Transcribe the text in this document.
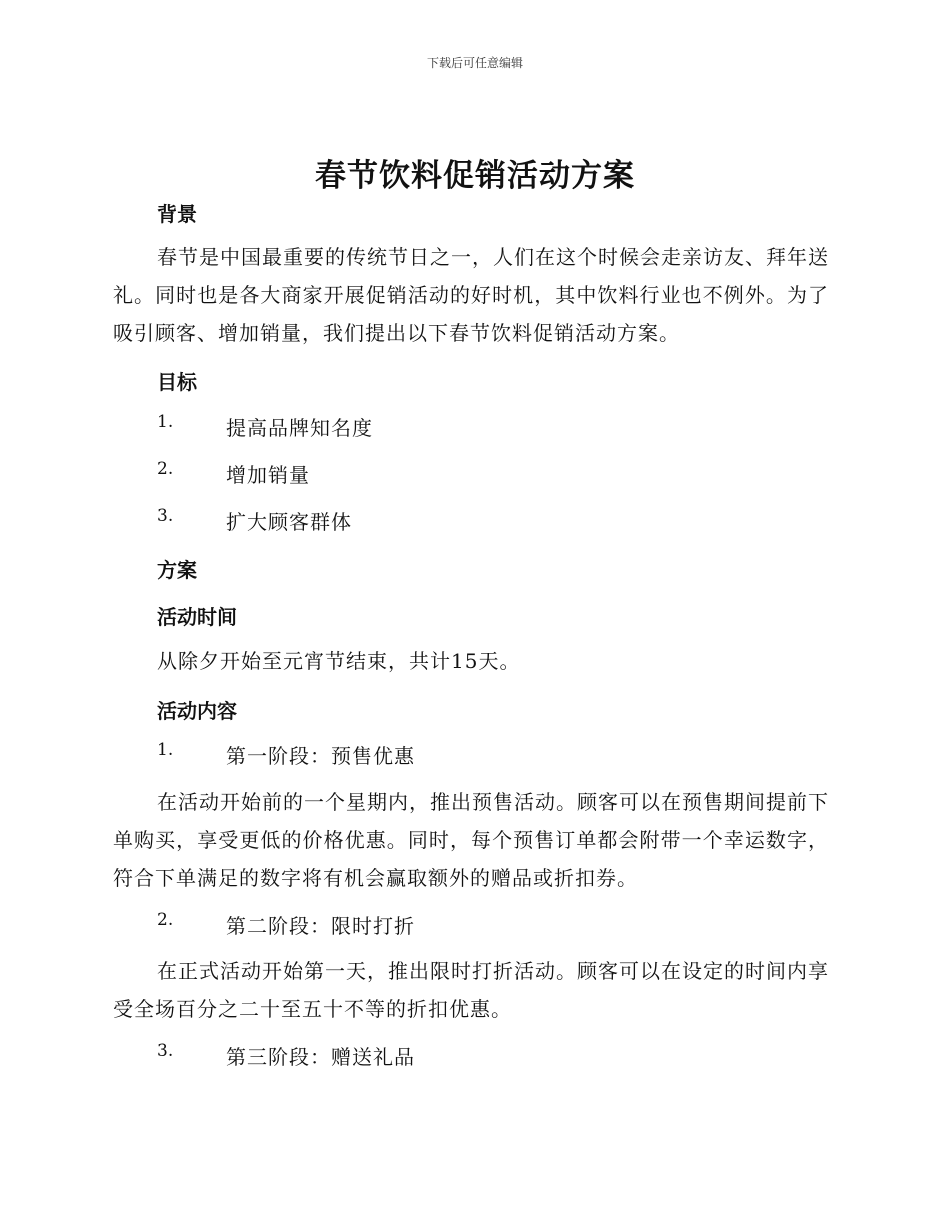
下载后可任意编辑
春节饮料促销活动方案
背景

春节是中国最重要的传统节日之一，人们在这个时候会走亲访友、拜年送礼。同时也是各大商家开展促销活动的好时机，其中饮料行业也不例外。为了吸引顾客、增加销量，我们提出以下春节饮料促销活动方案。

目标
1.	提高品牌知名度
2.	增加销量
3.	扩大顾客群体
方案
活动时间

从除夕开始至元宵节结束，共计15天。

活动内容
1.	第一阶段：预售优惠

在活动开始前的一个星期内，推出预售活动。顾客可以在预售期间提前下单购买，享受更低的价格优惠。同时，每个预售订单都会附带一个幸运数字，符合下单满足的数字将有机会赢取额外的赠品或折扣券。

2.	第二阶段：限时打折

在正式活动开始第一天，推出限时打折活动。顾客可以在设定的时间内享受全场百分之二十至五十不等的折扣优惠。

3.	第三阶段：赠送礼品
